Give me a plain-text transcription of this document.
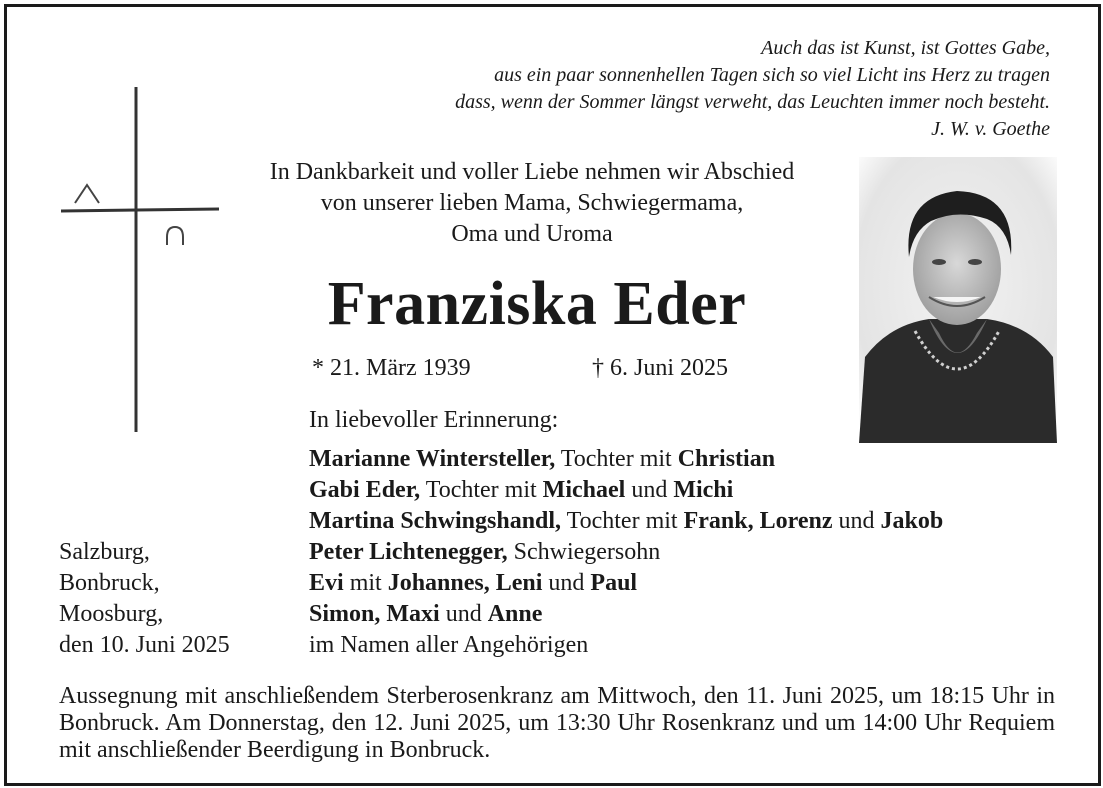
Auch das ist Kunst, ist Gottes Gabe,
aus ein paar sonnenhellen Tagen sich so viel Licht ins Herz zu tragen
dass, wenn der Sommer längst verweht, das Leuchten immer noch besteht.
J. W. v. Goethe
In Dankbarkeit und voller Liebe nehmen wir Abschied
von unserer lieben Mama, Schwiegermama,
Oma und Uroma
Franziska Eder
* 21. März 1939	† 6. Juni 2025
In liebevoller Erinnerung:
Marianne Wintersteller, Tochter mit Christian
Gabi Eder, Tochter mit Michael und Michi
Martina Schwingshandl, Tochter mit Frank, Lorenz und Jakob
Peter Lichtenegger, Schwiegersohn
Evi mit Johannes, Leni und Paul
Simon, Maxi und Anne
im Namen aller Angehörigen
Salzburg,
Bonbruck,
Moosburg,
den 10. Juni 2025
Aussegnung mit anschließendem Sterberosenkranz am Mittwoch, den 11. Juni 2025, um 18:15 Uhr in Bonbruck. Am Donnerstag, den 12. Juni 2025, um 13:30 Uhr Rosenkranz und um 14:00 Uhr Requiem mit anschließender Beerdigung in Bonbruck.
